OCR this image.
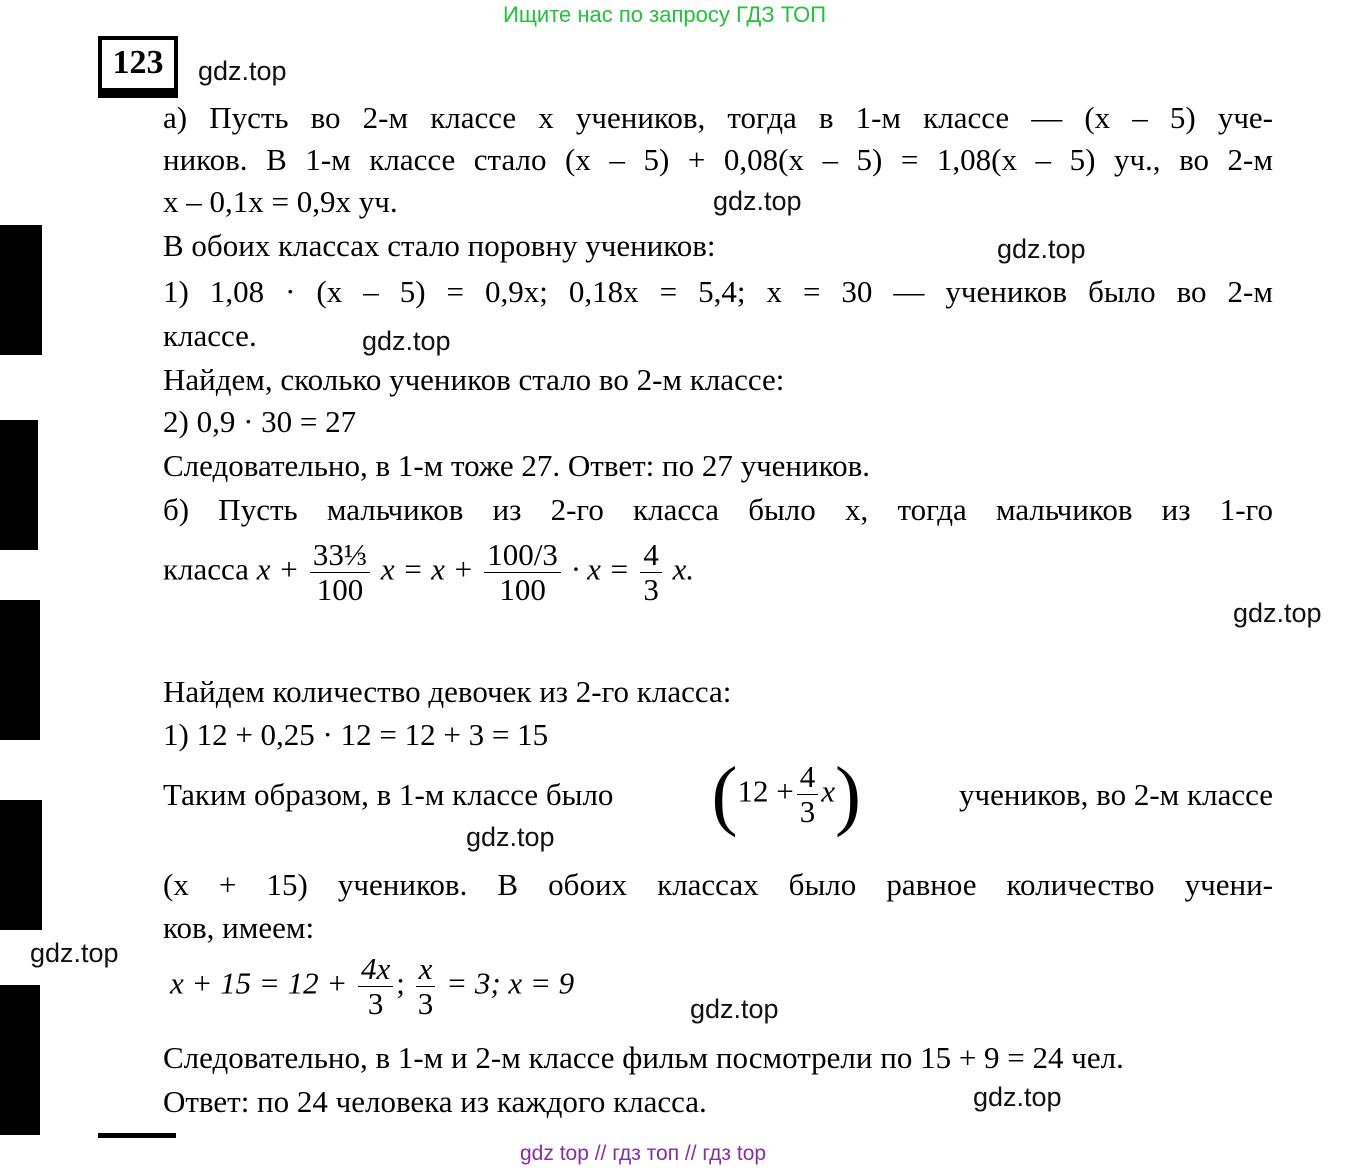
Ищите нас по запросу ГДЗ ТОП
123	gdz.top
gdz.top
gdz.top
gdz.top
gdz.top
gdz.top
gdz.top
gdz.top
gdz.top
а) Пусть во 2-м классе x учеников, тогда в 1-м классе — (x – 5) уче-
ников. В 1-м классе стало (x – 5) + 0,08(x – 5) = 1,08(x – 5) уч., во 2-м
x – 0,1x = 0,9x уч.
В обоих классах стало поровну учеников:
1) 1,08 · (x – 5) = 0,9x; 0,18x = 5,4; x = 30 — учеников было во 2-м
классе.
Найдем, сколько учеников стало во 2-м классе:
2) 0,9 · 30 = 27
Следовательно, в 1-м тоже 27. Ответ: по 27 учеников.
б) Пусть мальчиков из 2-го класса было x, тогда мальчиков из 1-го
класса $x + \frac{\text{33⅓}}{100}$ $x = x + \frac{100/3}{100} \cdot x = \frac{4}{3} x$.
Найдем количество девочек из 2-го класса:
1) 12 + 0,25 · 12 = 12 + 3 = 15
Таким образом, в 1-м классе было $(12 + \frac{4}{3} x)$	учеников, во 2-м классе
(x + 15) учеников. В обоих классах было равное количество учени-
ков, имеем:
$x + 15 = 12 + \frac{4x}{3}$ ; $\frac{x}{3} = 3$; x = 9
Следовательно, в 1-м и 2-м классе фильм посмотрели по 15 + 9 = 24 чел.
Ответ: по 24 человека из каждого класса.
gdz top // гдз топ // гдз top
